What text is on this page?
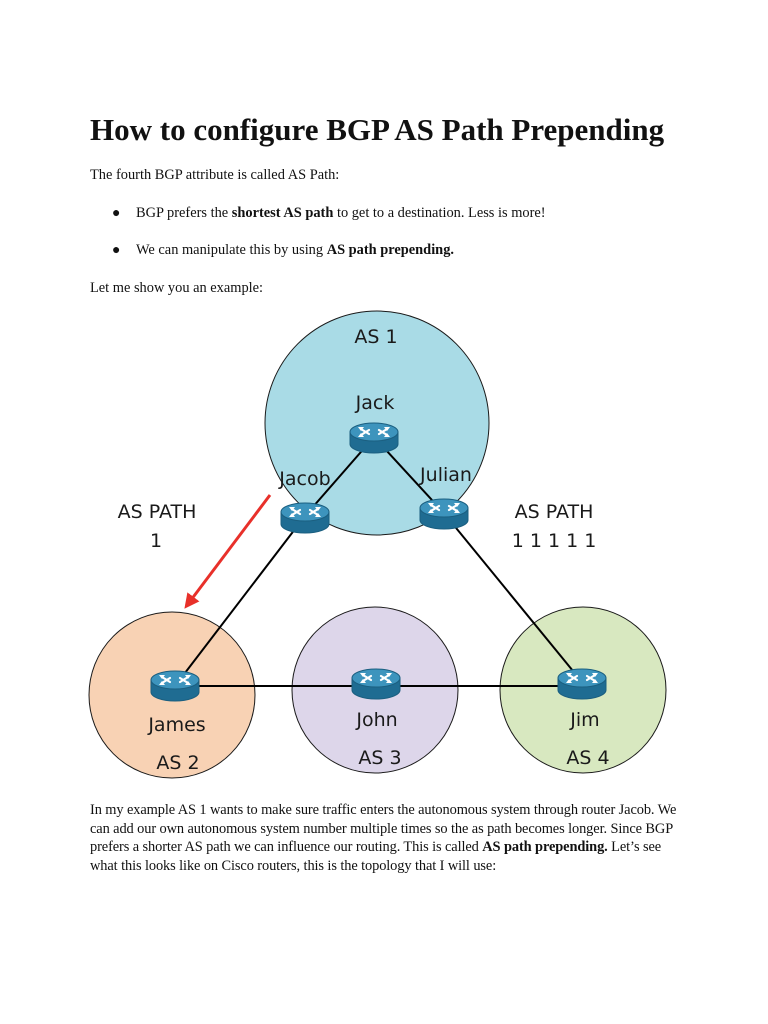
How to configure BGP AS Path Prepending

The fourth BGP attribute is called AS Path:

● BGP prefers the shortest AS path to get to a destination. Less is more!
● We can manipulate this by using AS path prepending.

Let me show you an example:

AS 1
AS 2	AS 3	AS 4
Jack
Jacob	Julian
James	John	Jim
AS PATH
1
AS PATH
1 1 1 1 1

In my example AS 1 wants to make sure traffic enters the autonomous system through router Jacob. We can add our own autonomous system number multiple times so the as path becomes longer. Since BGP prefers a shorter AS path we can influence our routing. This is called AS path prepending. Let’s see what this looks like on Cisco routers, this is the topology that I will use:
